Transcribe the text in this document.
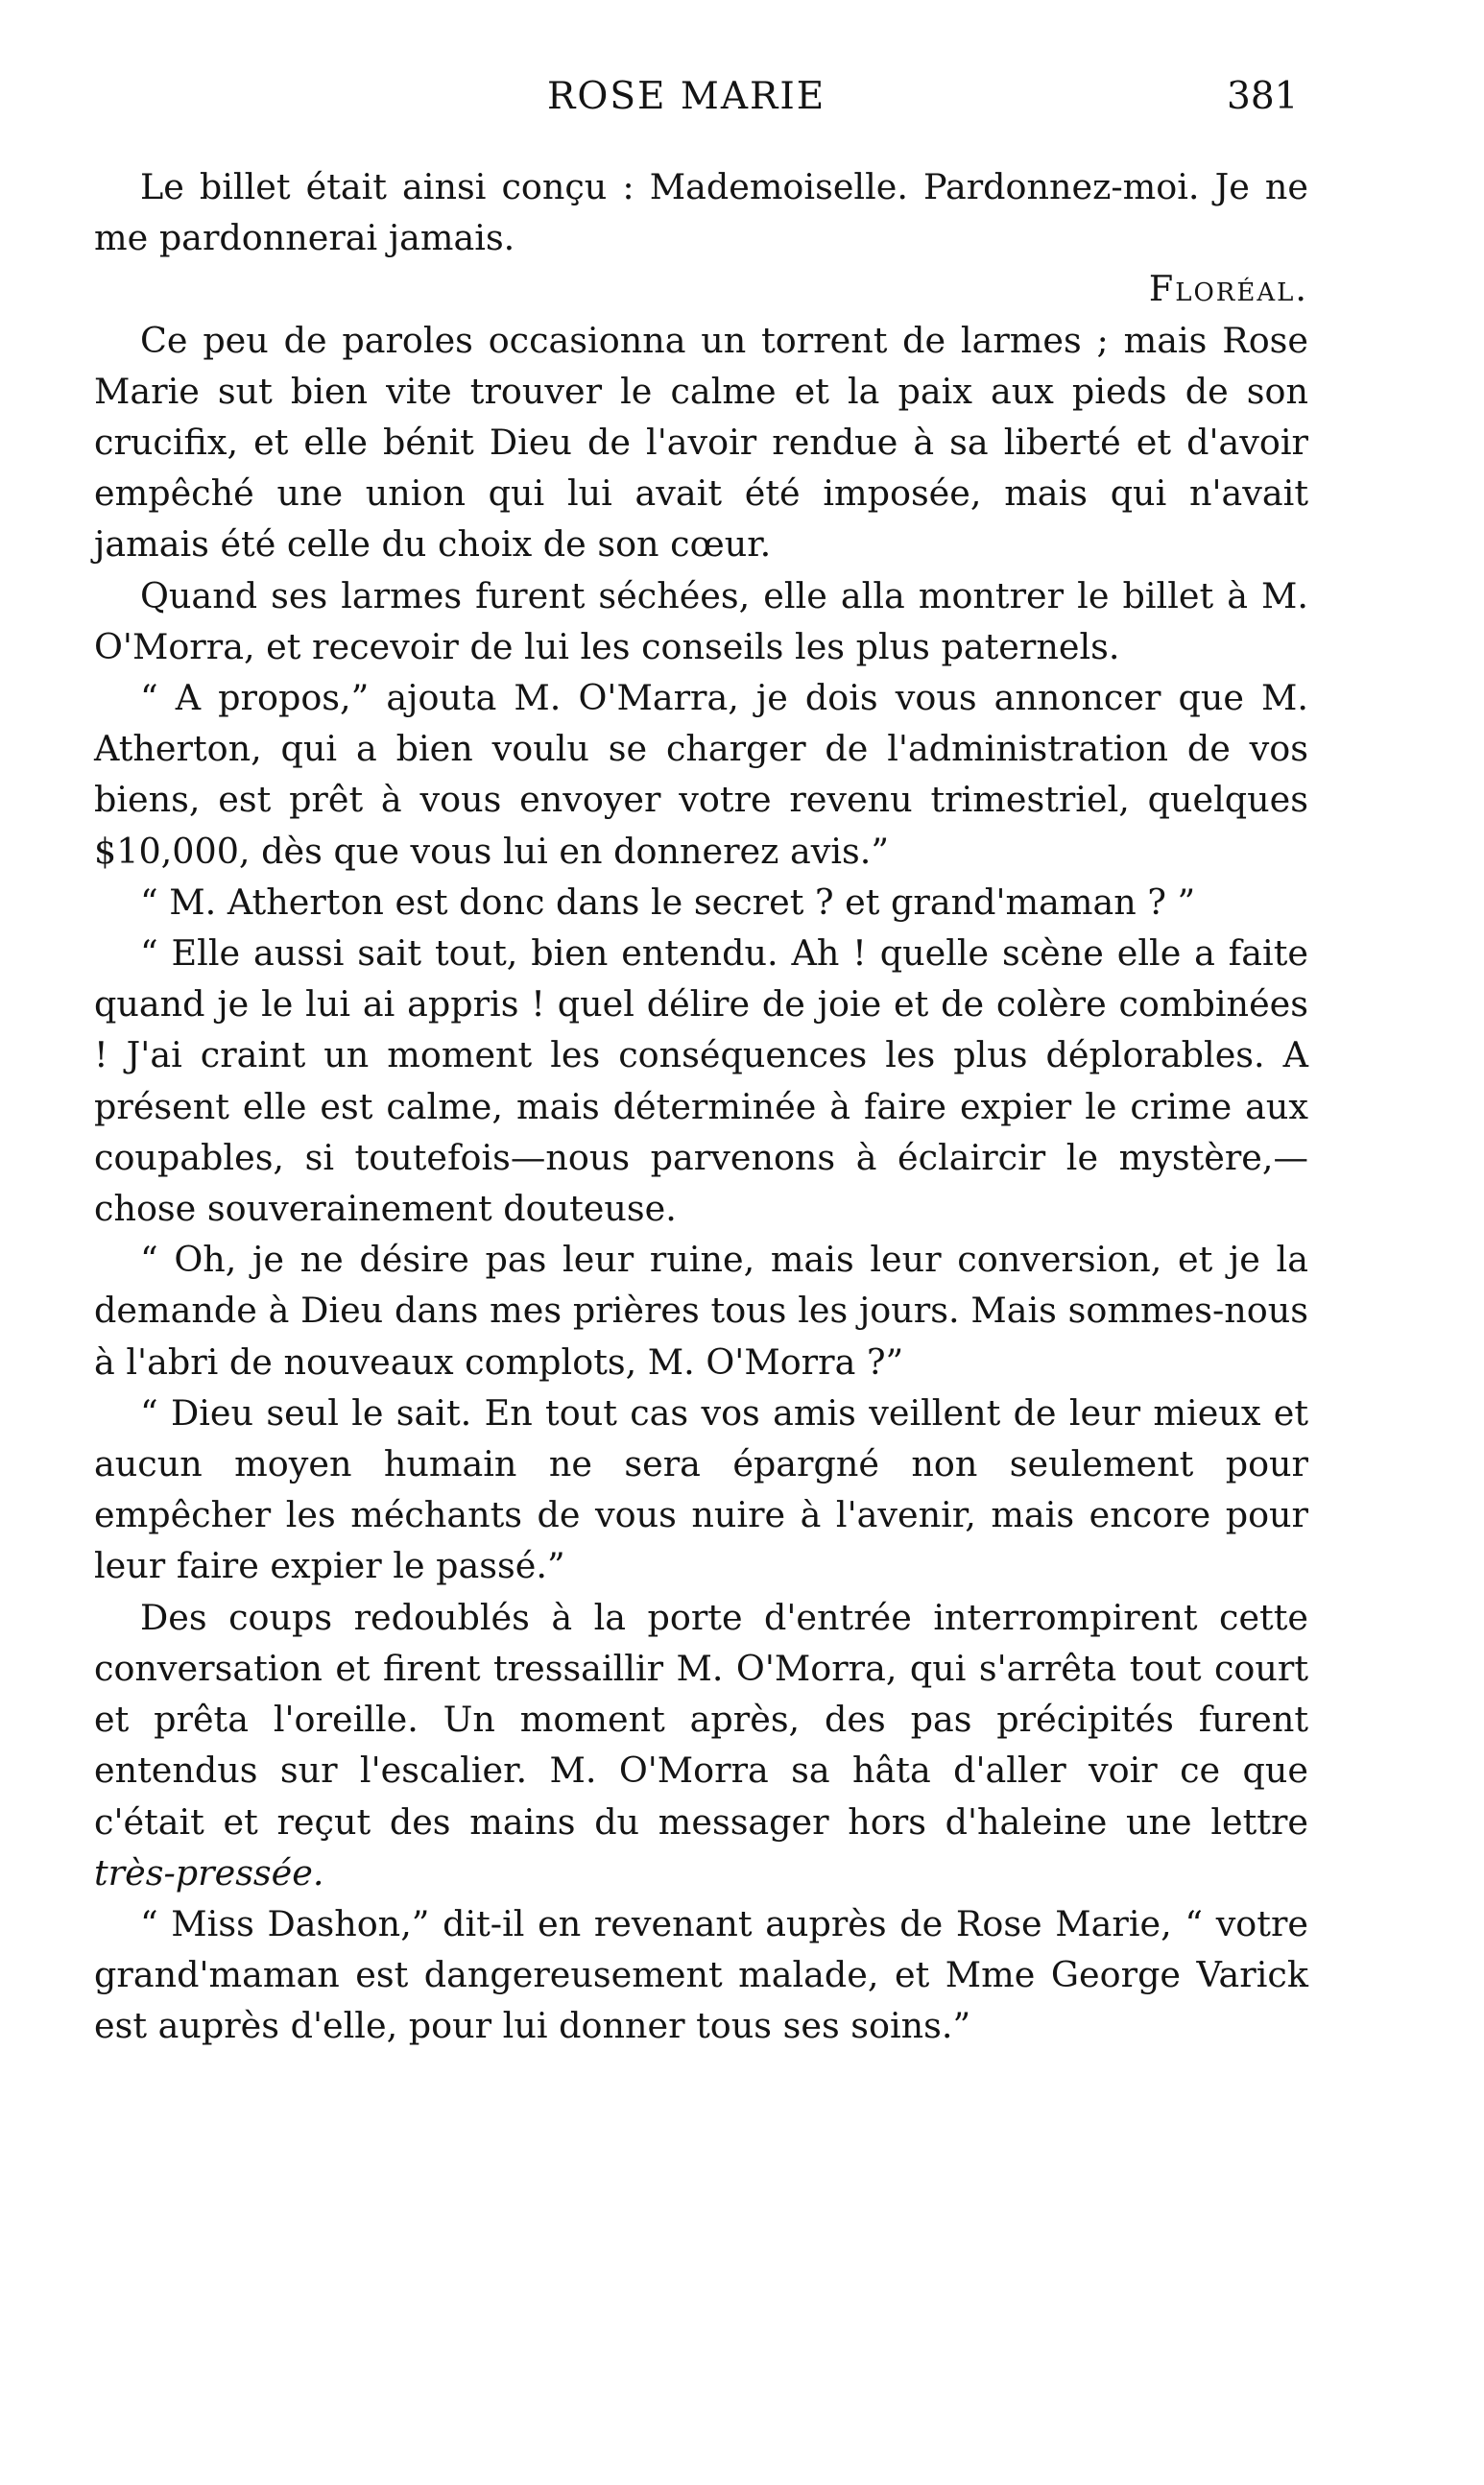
ROSE MARIE	381

Le billet était ainsi conçu : Mademoiselle. Pardonnez-moi. Je ne me pardonnerai jamais.

Floréal.

Ce peu de paroles occasionna un torrent de larmes ; mais Rose Marie sut bien vite trouver le calme et la paix aux pieds de son crucifix, et elle bénit Dieu de l'avoir rendue à sa liberté et d'avoir empêché une union qui lui avait été imposée, mais qui n'avait jamais été celle du choix de son cœur.

Quand ses larmes furent séchées, elle alla montrer le billet à M. O'Morra, et recevoir de lui les conseils les plus paternels.

“ A propos,” ajouta M. O'Marra, je dois vous annoncer que M. Atherton, qui a bien voulu se charger de l'administration de vos biens, est prêt à vous envoyer votre revenu trimestriel, quelques $10,000, dès que vous lui en donnerez avis.”

“ M. Atherton est donc dans le secret ? et grand'maman ? ”

“ Elle aussi sait tout, bien entendu. Ah ! quelle scène elle a faite quand je le lui ai appris ! quel délire de joie et de colère combinées ! J'ai craint un moment les conséquences les plus déplorables. A présent elle est calme, mais déterminée à faire expier le crime aux coupables, si toutefois—nous parvenons à éclaircir le mystère,—chose souverainement douteuse.

“ Oh, je ne désire pas leur ruine, mais leur conversion, et je la demande à Dieu dans mes prières tous les jours. Mais sommes-nous à l'abri de nouveaux complots, M. O'Morra ?”

“ Dieu seul le sait. En tout cas vos amis veillent de leur mieux et aucun moyen humain ne sera épargné non seulement pour empêcher les méchants de vous nuire à l'avenir, mais encore pour leur faire expier le passé.”

Des coups redoublés à la porte d'entrée interrompirent cette conversation et firent tressaillir M. O'Morra, qui s'arrêta tout court et prêta l'oreille. Un moment après, des pas précipités furent entendus sur l'escalier. M. O'Morra sa hâta d'aller voir ce que c'était et reçut des mains du messager hors d'haleine une lettre très-pressée.

“ Miss Dashon,” dit-il en revenant auprès de Rose Marie, “ votre grand'maman est dangereusement malade, et Mme George Varick est auprès d'elle, pour lui donner tous ses soins.”
